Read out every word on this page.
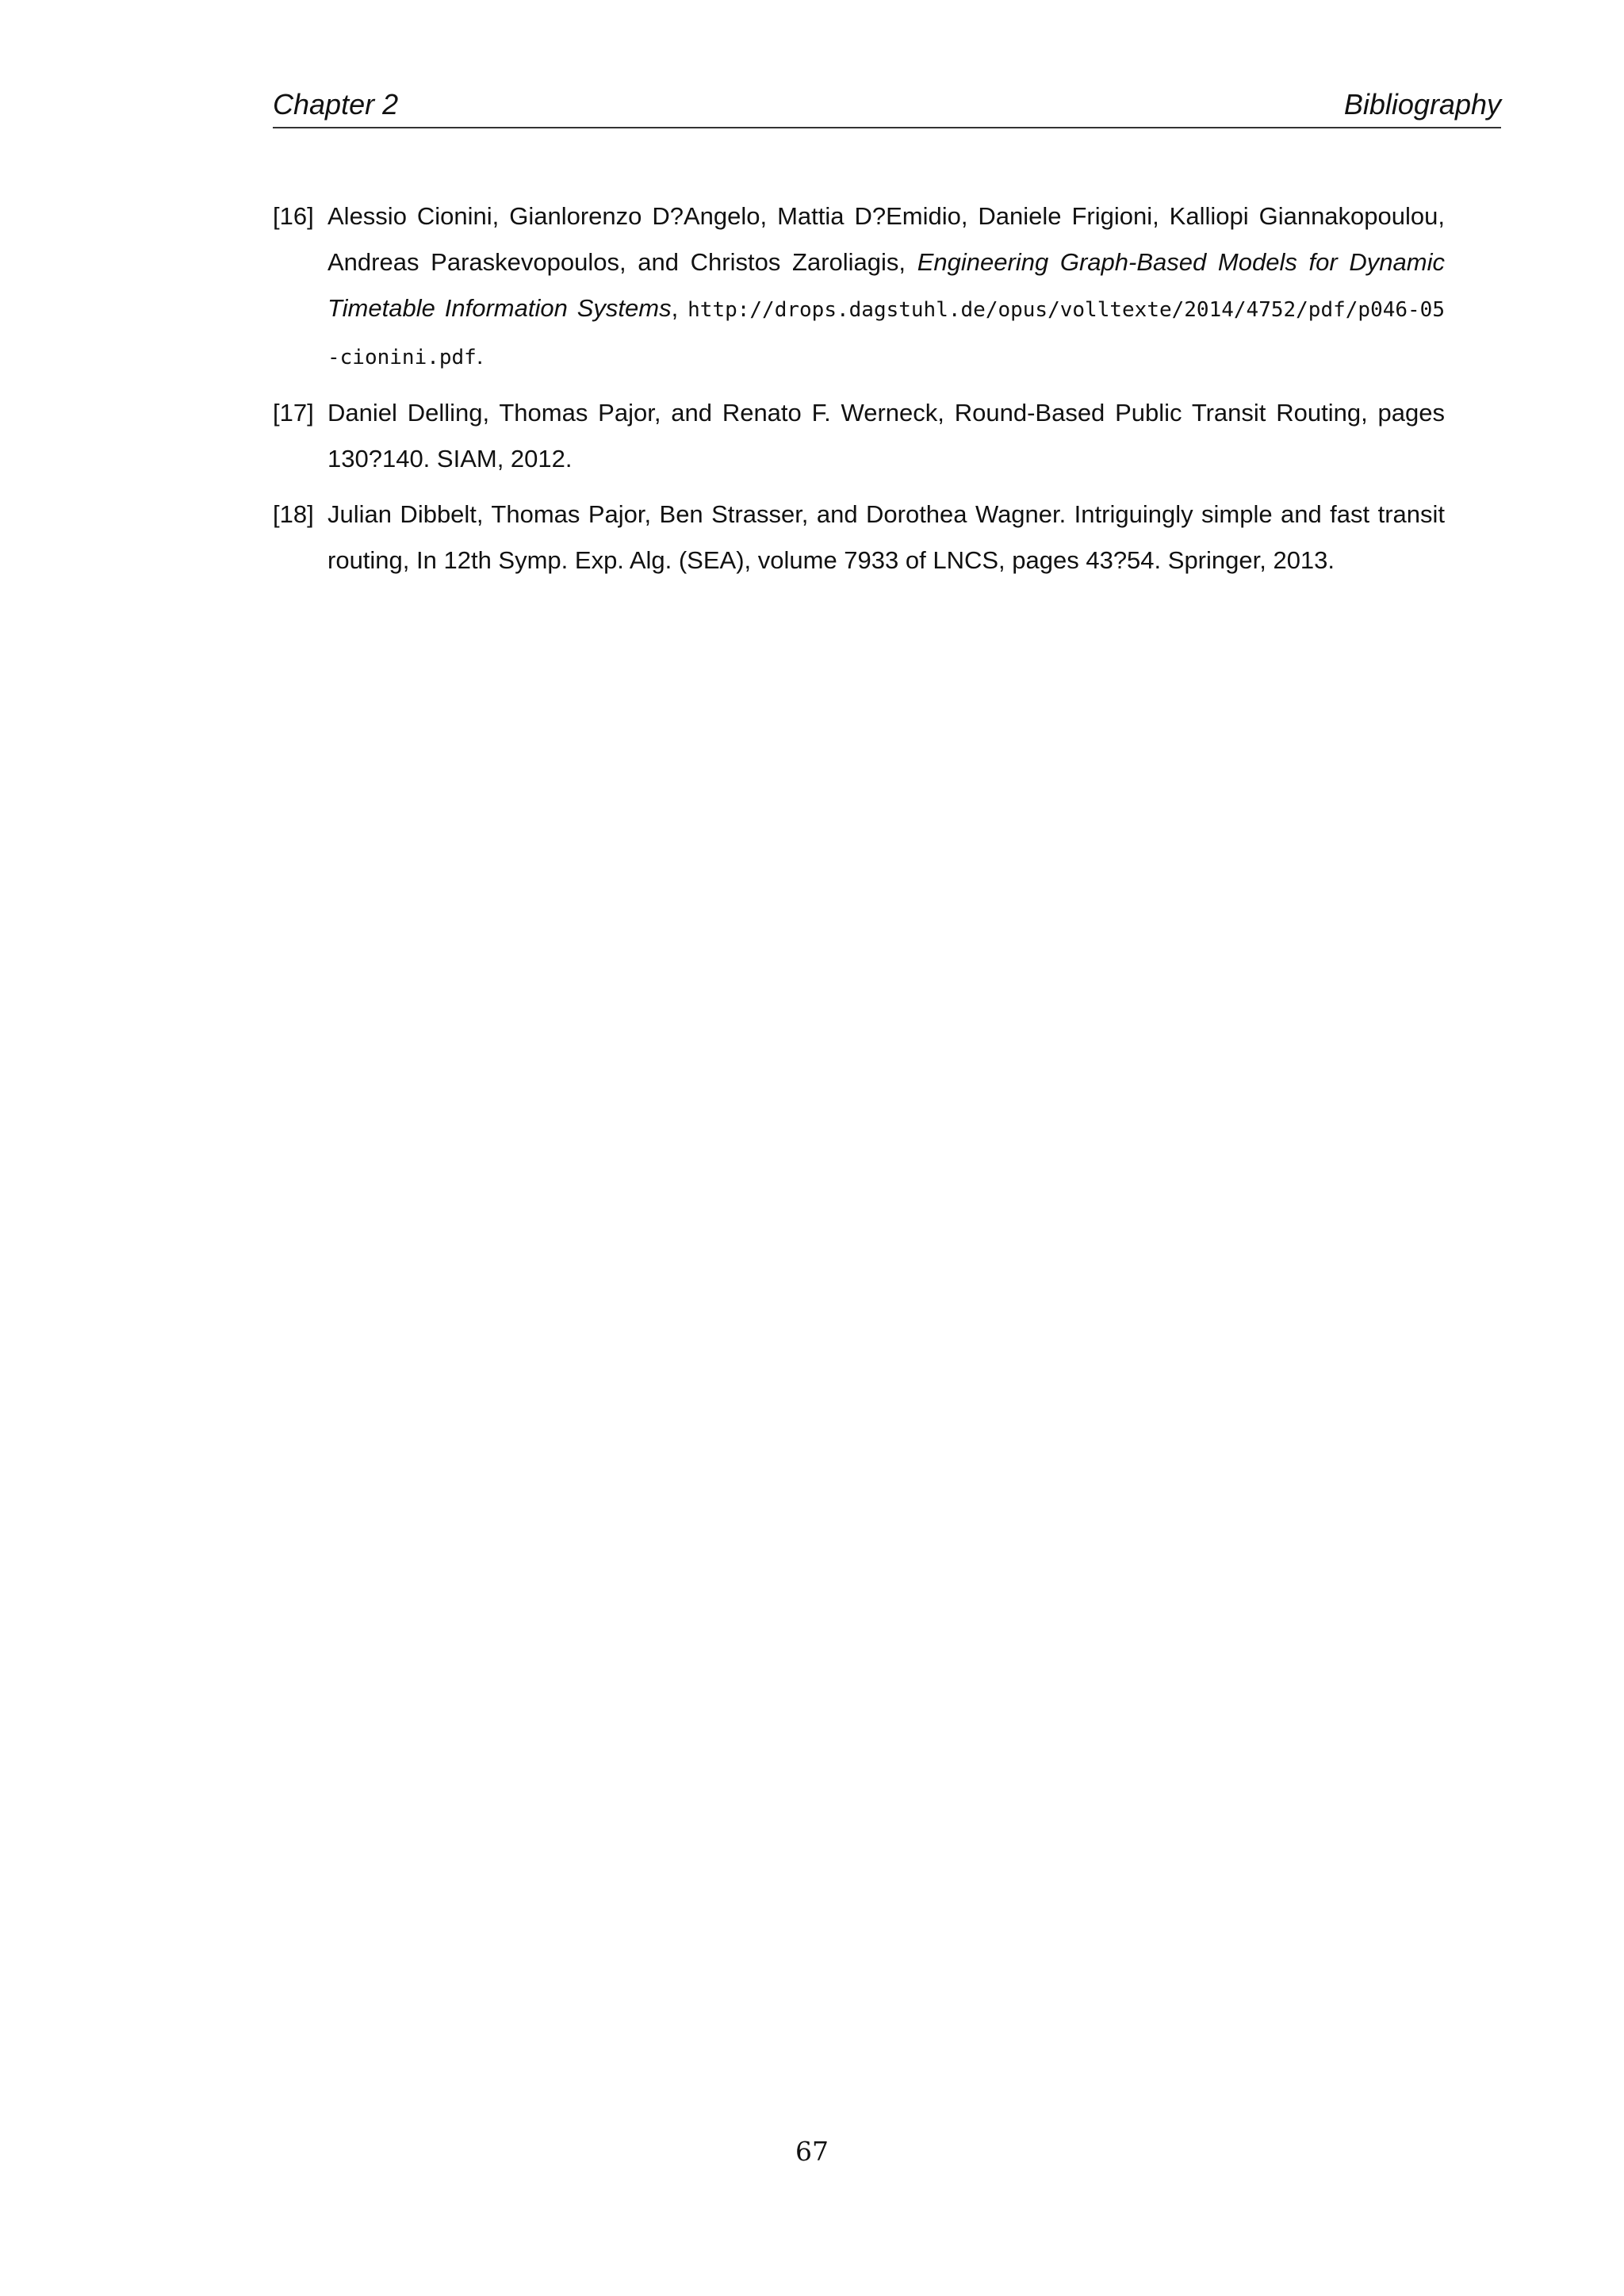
Chapter 2	Bibliography
[16] Alessio Cionini, Gianlorenzo D?Angelo, Mattia D?Emidio, Daniele Frigioni, Kalliopi Giannakopoulou, Andreas Paraskevopoulos, and Christos Zaroliagis, Engineering Graph-Based Models for Dynamic Timetable Information Systems, http://drops.dagstuhl.de/opus/volltexte/2014/4752/pdf/p046-05-cionini.pdf.
[17] Daniel Delling, Thomas Pajor, and Renato F. Werneck, Round-Based Public Transit Routing, pages 130?140. SIAM, 2012.
[18] Julian Dibbelt, Thomas Pajor, Ben Strasser, and Dorothea Wagner. Intriguingly simple and fast transit routing, In 12th Symp. Exp. Alg. (SEA), volume 7933 of LNCS, pages 43?54. Springer, 2013.
67
